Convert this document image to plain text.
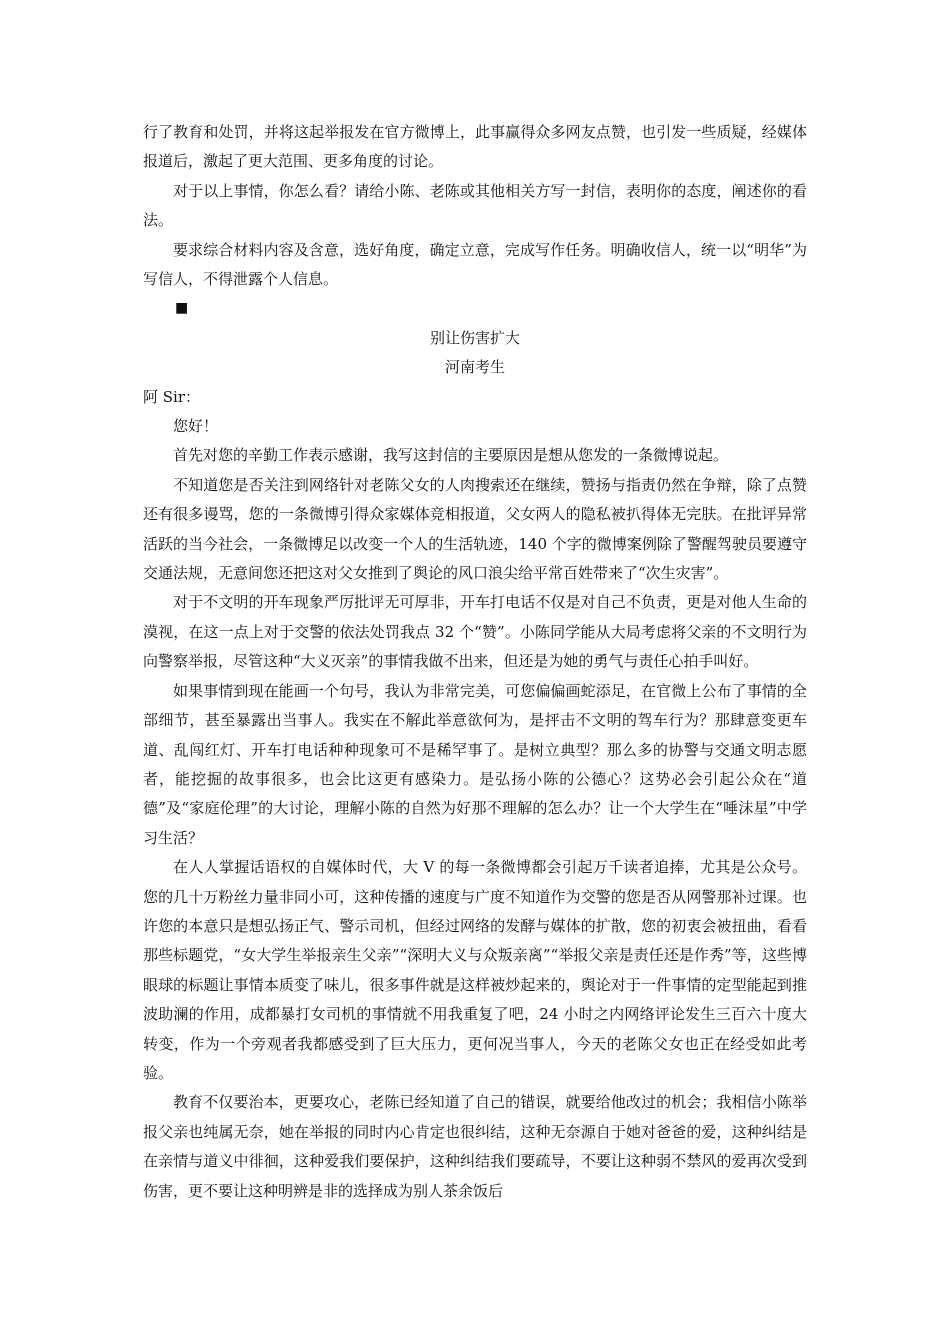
行了教育和处罚，并将这起举报发在官方微博上，此事赢得众多网友点赞，也引发一些质疑，经媒体报道后，激起了更大范围、更多角度的讨论。

对于以上事情，你怎么看？请给小陈、老陈或其他相关方写一封信，表明你的态度，阐述你的看法。

要求综合材料内容及含意，选好角度，确定立意，完成写作任务。明确收信人，统一以“明华”为写信人，不得泄露个人信息。

■

别让伤害扩大

河南考生

阿 Sir：

您好！

首先对您的辛勤工作表示感谢，我写这封信的主要原因是想从您发的一条微博说起。

不知道您是否关注到网络针对老陈父女的人肉搜索还在继续，赞扬与指责仍然在争辩，除了点赞还有很多谩骂，您的一条微博引得众家媒体竞相报道，父女两人的隐私被扒得体无完肤。在批评异常活跃的当今社会，一条微博足以改变一个人的生活轨迹，140 个字的微博案例除了警醒驾驶员要遵守交通法规，无意间您还把这对父女推到了舆论的风口浪尖给平常百姓带来了“次生灾害”。

对于不文明的开车现象严厉批评无可厚非，开车打电话不仅是对自己不负责，更是对他人生命的漠视，在这一点上对于交警的依法处罚我点 32 个“赞”。小陈同学能从大局考虑将父亲的不文明行为向警察举报，尽管这种“大义灭亲”的事情我做不出来，但还是为她的勇气与责任心拍手叫好。

如果事情到现在能画一个句号，我认为非常完美，可您偏偏画蛇添足，在官微上公布了事情的全部细节，甚至暴露出当事人。我实在不解此举意欲何为，是抨击不文明的驾车行为？那肆意变更车道、乱闯红灯、开车打电话种种现象可不是稀罕事了。是树立典型？那么多的协警与交通文明志愿者，能挖掘的故事很多，也会比这更有感染力。是弘扬小陈的公德心？这势必会引起公众在“道德”及“家庭伦理”的大讨论，理解小陈的自然为好那不理解的怎么办？让一个大学生在“唾沫星”中学习生活？

在人人掌握话语权的自媒体时代，大 V 的每一条微博都会引起万千读者追捧，尤其是公众号。您的几十万粉丝力量非同小可，这种传播的速度与广度不知道作为交警的您是否从网警那补过课。也许您的本意只是想弘扬正气、警示司机，但经过网络的发酵与媒体的扩散，您的初衷会被扭曲，看看那些标题党，“女大学生举报亲生父亲”“深明大义与众叛亲离”“举报父亲是责任还是作秀”等，这些博眼球的标题让事情本质变了味儿，很多事件就是这样被炒起来的，舆论对于一件事情的定型能起到推波助澜的作用，成都暴打女司机的事情就不用我重复了吧，24 小时之内网络评论发生三百六十度大转变，作为一个旁观者我都感受到了巨大压力，更何况当事人，今天的老陈父女也正在经受如此考验。

教育不仅要治本，更要攻心，老陈已经知道了自己的错误，就要给他改过的机会；我相信小陈举报父亲也纯属无奈，她在举报的同时内心肯定也很纠结，这种无奈源自于她对爸爸的爱，这种纠结是在亲情与道义中徘徊，这种爱我们要保护，这种纠结我们要疏导，不要让这种弱不禁风的爱再次受到伤害，更不要让这种明辨是非的选择成为别人茶余饭后
